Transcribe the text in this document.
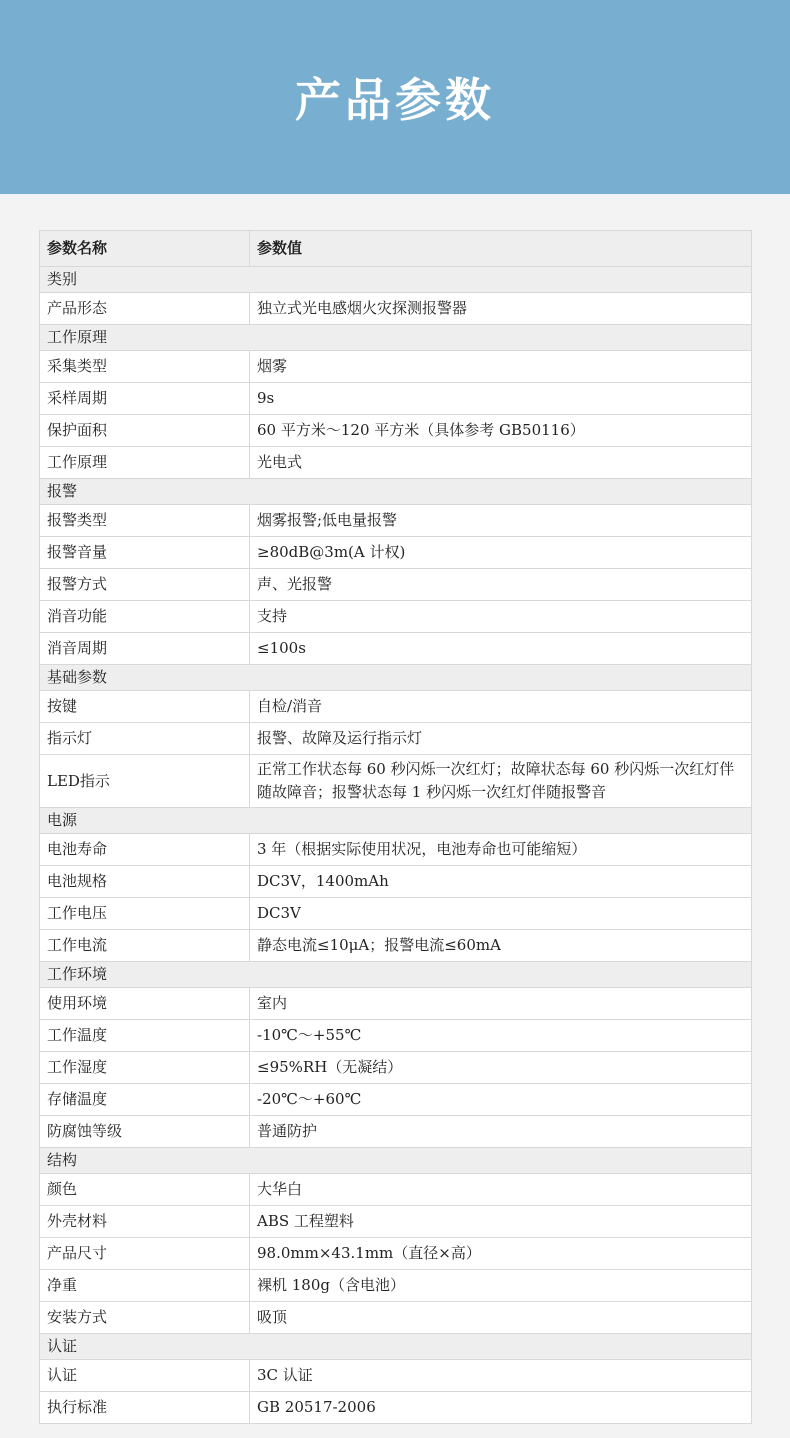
产品参数
参数名称	参数值
类别	
产品形态	独立式光电感烟火灾探测报警器
工作原理	
采集类型	烟雾
采样周期	9s
保护面积	60 平方米～120 平方米（具体参考 GB50116）
工作原理	光电式
报警	
报警类型	烟雾报警;低电量报警
报警音量	≥80dB@3m(A 计权)
报警方式	声、光报警
消音功能	支持
消音周期	≤100s
基础参数	
按键	自检/消音
指示灯	报警、故障及运行指示灯
LED指示	正常工作状态每 60 秒闪烁一次红灯；故障状态每 60 秒闪烁一次红灯伴随故障音；报警状态每 1 秒闪烁一次红灯伴随报警音
电源	
电池寿命	3 年（根据实际使用状况，电池寿命也可能缩短）
电池规格	DC3V，1400mAh
工作电压	DC3V
工作电流	静态电流≤10μA；报警电流≤60mA
工作环境	
使用环境	室内
工作温度	-10℃～+55℃
工作湿度	≤95%RH（无凝结）
存储温度	-20℃～+60℃
防腐蚀等级	普通防护
结构	
颜色	大华白
外壳材料	ABS 工程塑料
产品尺寸	98.0mm×43.1mm（直径×高）
净重	裸机 180g（含电池）
安装方式	吸顶
认证	
认证	3C 认证
执行标准	GB 20517-2006
